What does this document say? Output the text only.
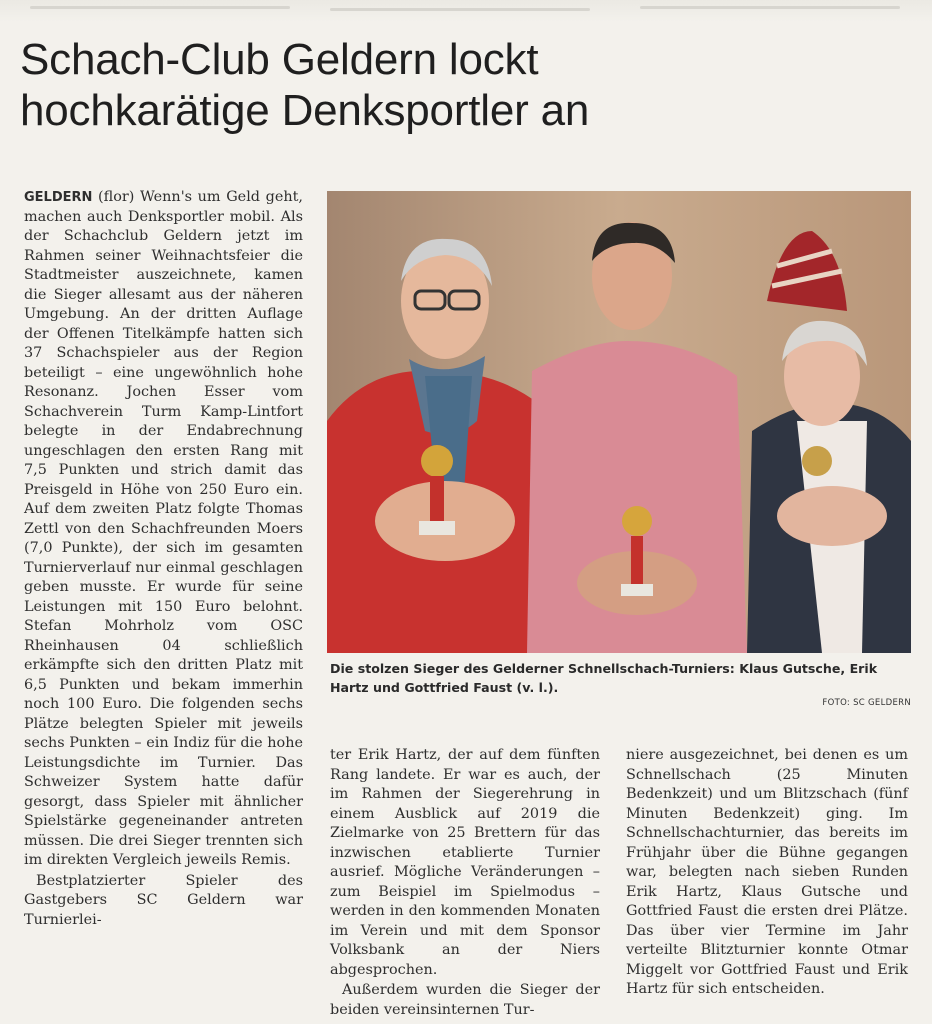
Schach-Club Geldern lockt
hochkarätige Denksportler an

GELDERN (flor) Wenn's um Geld geht, machen auch Denksportler mobil. Als der Schachclub Geldern jetzt im Rahmen seiner Weihnachtsfeier die Stadtmeister auszeichnete, kamen die Sieger allesamt aus der näheren Umgebung. An der dritten Auflage der Offenen Titelkämpfe hatten sich 37 Schachspieler aus der Region beteiligt – eine ungewöhnlich hohe Resonanz. Jochen Esser vom Schachverein Turm Kamp-Lintfort belegte in der Endabrechnung ungeschlagen den ersten Rang mit 7,5 Punkten und strich damit das Preisgeld in Höhe von 250 Euro ein. Auf dem zweiten Platz folgte Thomas Zettl von den Schachfreunden Moers (7,0 Punkte), der sich im gesamten Turnierverlauf nur einmal geschlagen geben musste. Er wurde für seine Leistungen mit 150 Euro belohnt. Stefan Mohrholz vom OSC Rheinhausen 04 schließlich erkämpfte sich den dritten Platz mit 6,5 Punkten und bekam immerhin noch 100 Euro. Die folgenden sechs Plätze belegten Spieler mit jeweils sechs Punkten – ein Indiz für die hohe Leistungsdichte im Turnier. Das Schweizer System hatte dafür gesorgt, dass Spieler mit ähnlicher Spielstärke gegeneinander antreten müssen. Die drei Sieger trennten sich im direkten Vergleich jeweils Remis.

Bestplatzierter Spieler des Gastgebers SC Geldern war Turnierlei-

Die stolzen Sieger des Gelderner Schnellschach-Turniers: Klaus Gutsche, Erik Hartz und Gottfried Faust (v. l.).
FOTO: SC GELDERN

ter Erik Hartz, der auf dem fünften Rang landete. Er war es auch, der im Rahmen der Siegerehrung in einem Ausblick auf 2019 die Zielmarke von 25 Brettern für das inzwischen etablierte Turnier ausrief. Mögliche Veränderungen – zum Beispiel im Spielmodus – werden in den kommenden Monaten im Verein und mit dem Sponsor Volksbank an der Niers abgesprochen.

Außerdem wurden die Sieger der beiden vereinsinternen Tur-

niere ausgezeichnet, bei denen es um Schnellschach (25 Minuten Bedenkzeit) und um Blitzschach (fünf Minuten Bedenkzeit) ging. Im Schnellschachturnier, das bereits im Frühjahr über die Bühne gegangen war, belegten nach sieben Runden Erik Hartz, Klaus Gutsche und Gottfried Faust die ersten drei Plätze. Das über vier Termine im Jahr verteilte Blitzturnier konnte Otmar Miggelt vor Gottfried Faust und Erik Hartz für sich entscheiden.
